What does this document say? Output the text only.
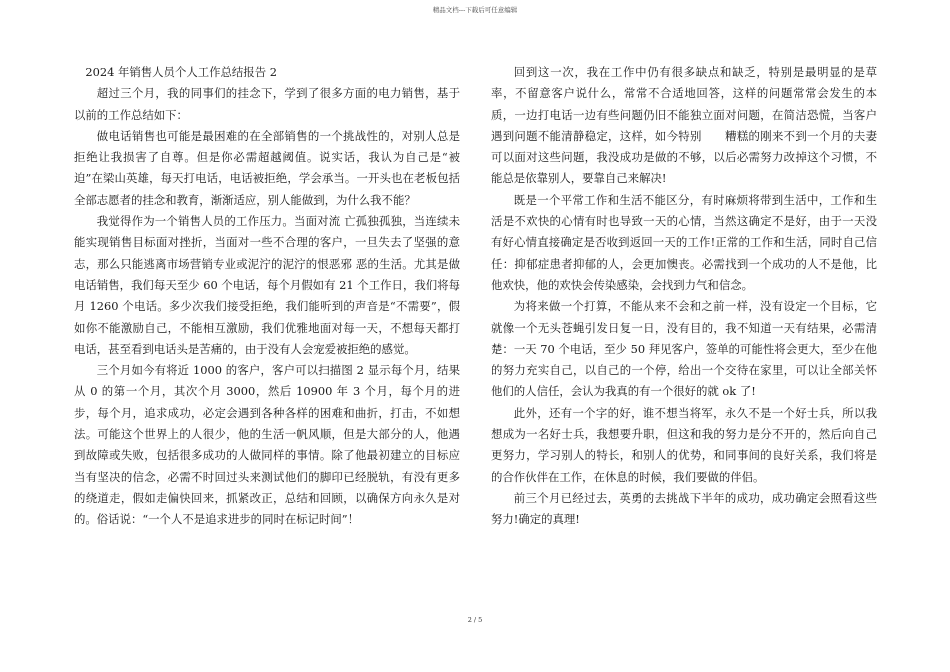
精品文档---下载后可任意编辑

2024 年销售人员个人工作总结报告 2

超过三个月，我的同事们的挂念下，学到了很多方面的电力销售，基于以前的工作总结如下：

做电话销售也可能是最困难的在全部销售的一个挑战性的，对别人总是拒绝让我损害了自尊。但是你必需超越阈值。说实话，我认为自己是“被迫”在梁山英雄，每天打电话，电话被拒绝，学会承当。一开头也在老板包括全部志愿者的挂念和教育，渐渐适应，别人能做到，为什么我不能？

我觉得作为一个销售人员的工作压力。当面对流 亡孤独孤独，当连续未能实现销售目标面对挫折，当面对一些不合理的客户，一旦失去了坚强的意志，那么只能逃离市场营销专业或泥泞的泥泞的恨恶邪 恶的生活。尤其是做电话销售，我们每天至少 60 个电话，每个月假如有 21 个工作日，我们将每月 1260 个电话。多少次我们接受拒绝，我们能听到的声音是“不需要”，假如你不能激励自己，不能相互激励，我们优雅地面对每一天，不想每天都打电话，甚至看到电话头是苦痛的，由于没有人会宠爱被拒绝的感觉。

三个月如今有将近 1000 的客户，客户可以扫描图 2 显示每个月，结果从 0 的第一个月，其次个月 3000，然后 10900 年 3 个月，每个月的进步，每个月，追求成功，必定会遇到各种各样的困难和曲折，打击，不如想法。可能这个世界上的人很少，他的生活一帆风顺，但是大部分的人，他遇到故障或失败，包括很多成功的人做同样的事情。除了他最初建立的目标应当有坚决的信念，必需不时回过头来测试他们的脚印已经脱轨，有没有更多的绕道走，假如走偏快回来，抓紧改正，总结和回顾，以确保方向永久是对的。俗话说：“一个人不是追求进步的同时在标记时间”！

回到这一次，我在工作中仍有很多缺点和缺乏，特别是最明显的是草率，不留意客户说什么，常常不合适地回答，这样的问题常常会发生的本质，一边打电话一边有些问题仍旧不能独立面对问题，在简洁恐慌，当客户遇到问题不能清静稳定，这样，如今特别　　糟糕的刚来不到一个月的夫妻可以面对这些问题，我没成功是做的不够，以后必需努力改掉这个习惯，不能总是依靠别人，要靠自己来解决!

既是一个平常工作和生活不能区分，有时麻烦将带到生活中，工作和生活是不欢快的心情有时也导致一天的心情，当然这确定不是好，由于一天没有好心情直接确定是否收到返回一天的工作!正常的工作和生活，同时自己信任：抑郁症患者抑郁的人，会更加懊丧。必需找到一个成功的人不是他，比他欢快，他的欢快会传染感染，会找到力气和信念。

为将来做一个打算，不能从来不会和之前一样，没有设定一个目标，它就像一个无头苍蝇引发日复一日，没有目的，我不知道一天有结果，必需清楚：一天 70 个电话，至少 50 拜见客户，签单的可能性将会更大，至少在他的努力充实自己，以自己的一个停，给出一个交待在家里，可以让全部关怀他们的人信任，会认为我真的有一个很好的就 ok 了!

此外，还有一个字的好，谁不想当将军，永久不是一个好士兵，所以我想成为一名好士兵，我想要升职，但这和我的努力是分不开的，然后向自己更努力，学习别人的特长，和别人的优势，和同事间的良好关系，我们将是的合作伙伴在工作，在休息的时候，我们要做的伴侣。

前三个月已经过去，英勇的去挑战下半年的成功，成功确定会照看这些努力!确定的真理!

2 / 5
